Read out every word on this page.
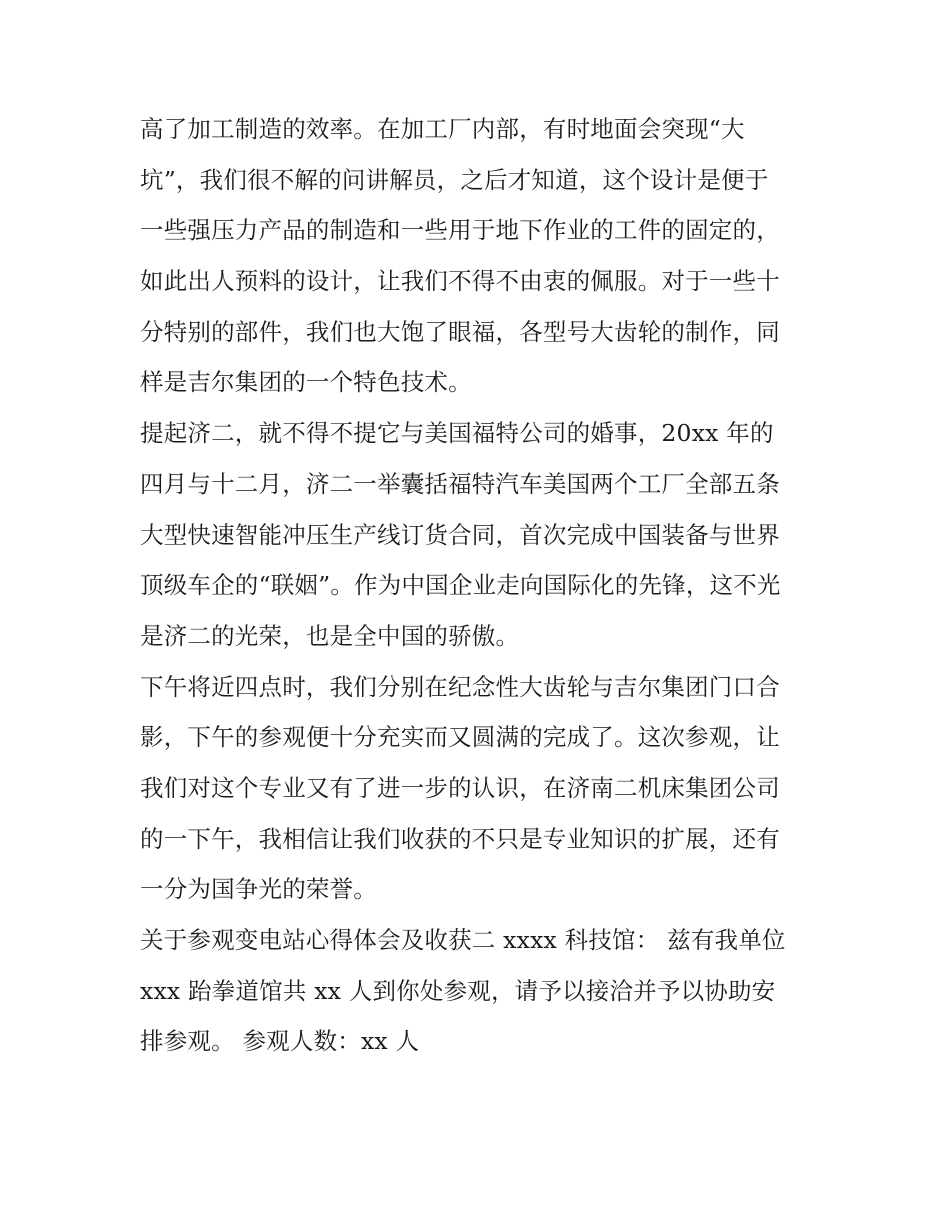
高了加工制造的效率。在加工厂内部，有时地面会突现“大
坑”，我们很不解的问讲解员，之后才知道，这个设计是便于
一些强压力产品的制造和一些用于地下作业的工件的固定的，
如此出人预料的设计，让我们不得不由衷的佩服。对于一些十
分特别的部件，我们也大饱了眼福，各型号大齿轮的制作，同
样是吉尔集团的一个特色技术。
提起济二，就不得不提它与美国福特公司的婚事，20xx 年的
四月与十二月，济二一举囊括福特汽车美国两个工厂全部五条
大型快速智能冲压生产线订货合同，首次完成中国装备与世界
顶级车企的“联姻”。作为中国企业走向国际化的先锋，这不光
是济二的光荣，也是全中国的骄傲。
下午将近四点时，我们分别在纪念性大齿轮与吉尔集团门口合
影，下午的参观便十分充实而又圆满的完成了。这次参观，让
我们对这个专业又有了进一步的认识，在济南二机床集团公司
的一下午，我相信让我们收获的不只是专业知识的扩展，还有
一分为国争光的荣誉。
关于参观变电站心得体会及收获二 xxxx 科技馆： 兹有我单位
xxx 跆拳道馆共 xx 人到你处参观，请予以接洽并予以协助安
排参观。 参观人数：xx 人
